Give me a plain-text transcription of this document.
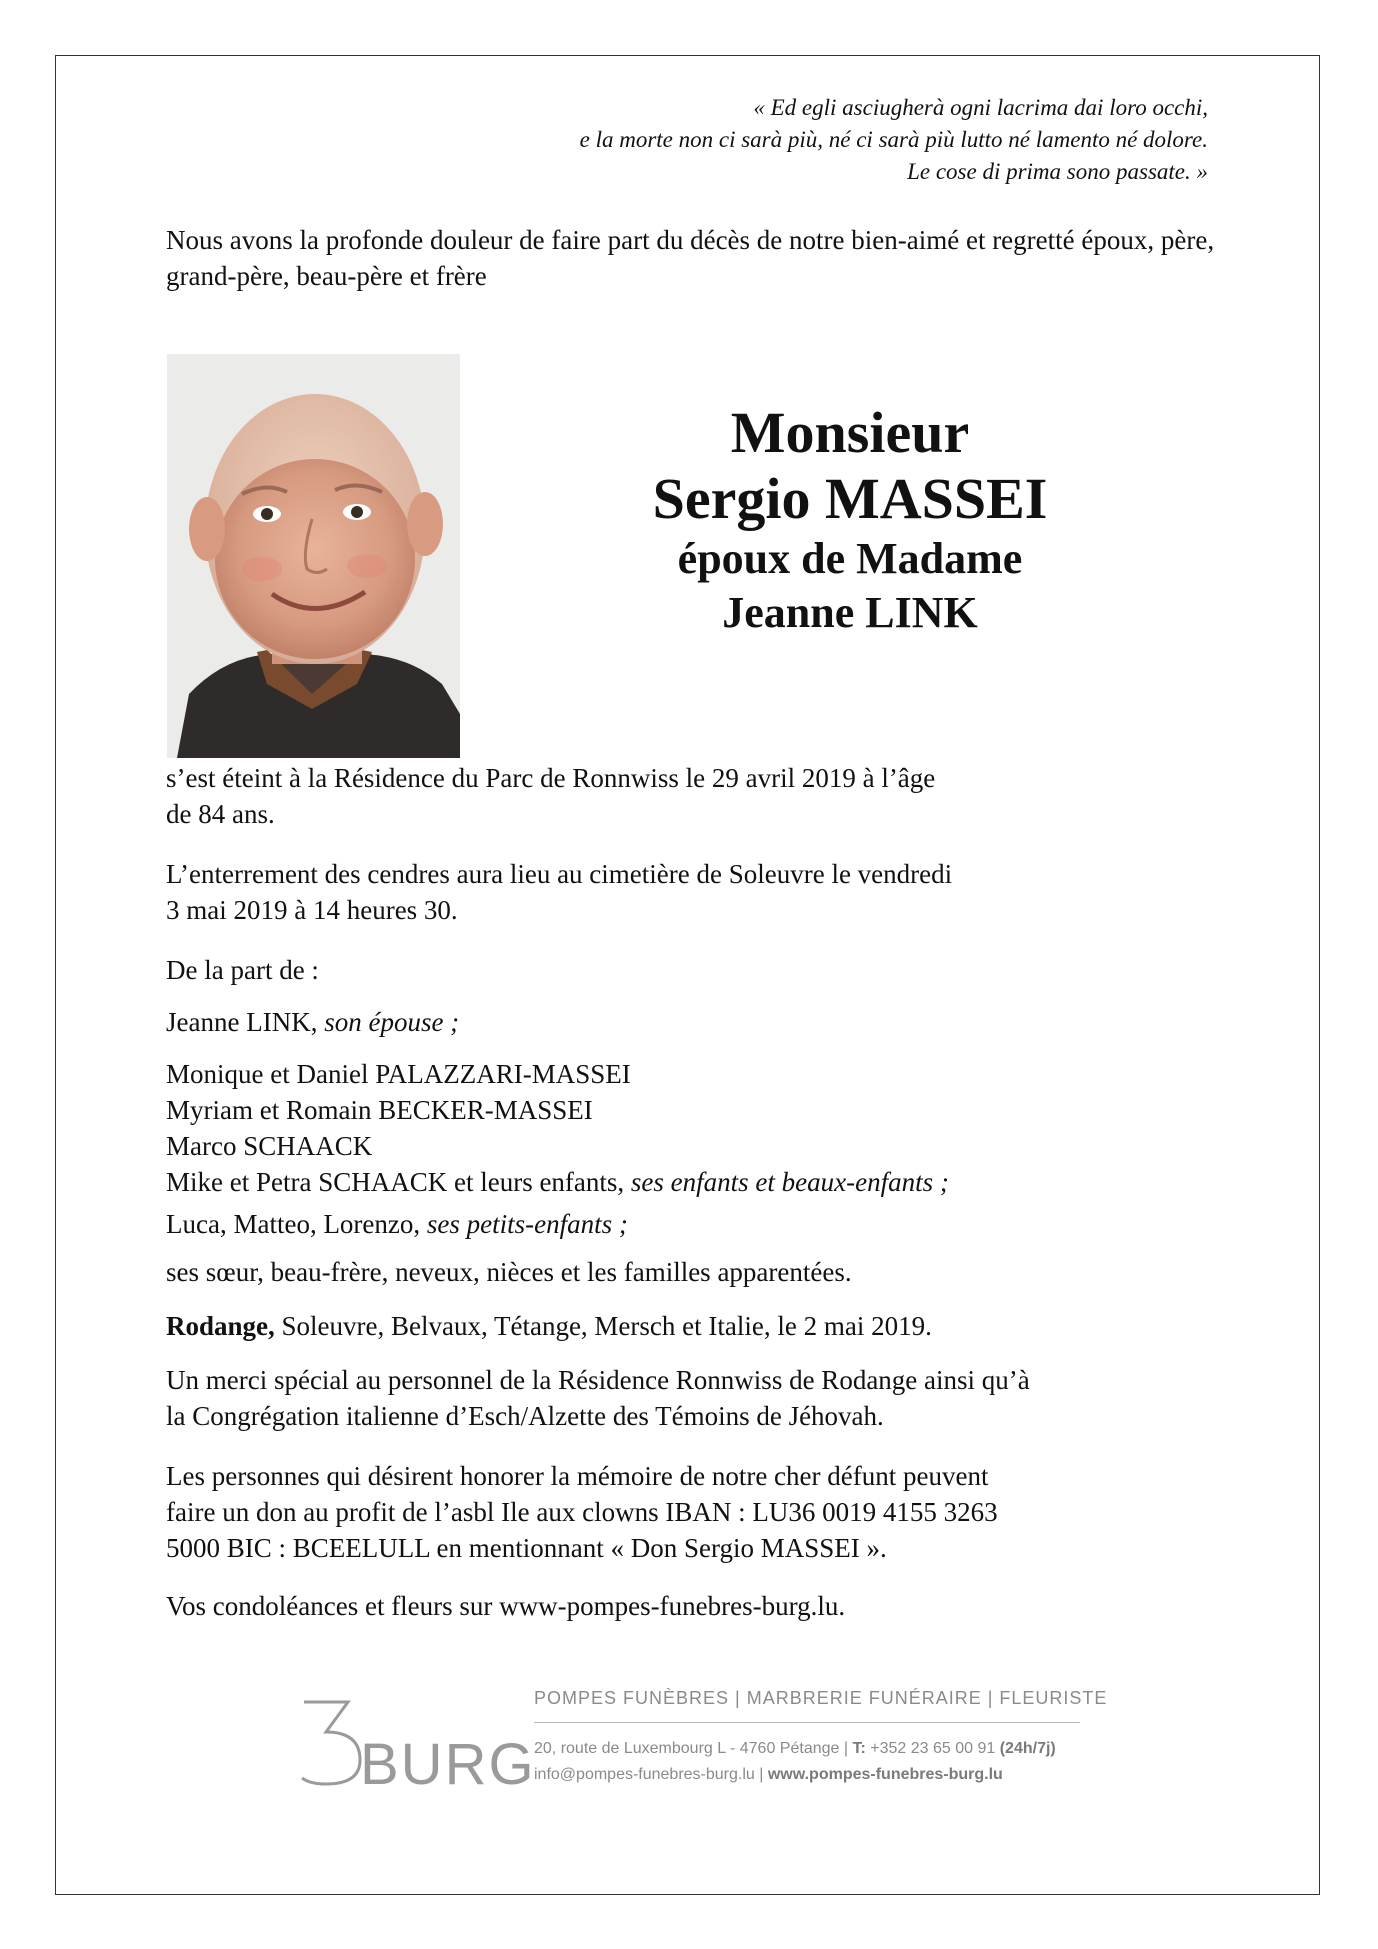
« Ed egli asciugherà ogni lacrima dai loro occhi,
e la morte non ci sarà più, né ci sarà più lutto né lamento né dolore.
Le cose di prima sono passate. »
Nous avons la profonde douleur de faire part du décès de notre bien-aimé et regretté époux, père, grand-père, beau-père et frère
Monsieur
Sergio MASSEI
époux de Madame
Jeanne LINK
s’est éteint à la Résidence du Parc de Ronnwiss le 29 avril 2019 à l’âge
de 84 ans.
L’enterrement des cendres aura lieu au cimetière de Soleuvre le vendredi
3 mai 2019 à 14 heures 30.
De la part de :
Jeanne LINK, son épouse ;
Monique et Daniel PALAZZARI-MASSEI
Myriam et Romain BECKER-MASSEI
Marco SCHAACK
Mike et Petra SCHAACK et leurs enfants, ses enfants et beaux-enfants ;
Luca, Matteo, Lorenzo, ses petits-enfants ;
ses sœur, beau-frère, neveux, nièces et les familles apparentées.
Rodange, Soleuvre, Belvaux, Tétange, Mersch et Italie, le 2 mai 2019.
Un merci spécial au personnel de la Résidence Ronnwiss de Rodange ainsi qu’à
la Congrégation italienne d’Esch/Alzette des Témoins de Jéhovah.
Les personnes qui désirent honorer la mémoire de notre cher défunt peuvent
faire un don au profit de l’asbl Ile aux clowns IBAN : LU36 0019 4155 3263
5000 BIC : BCEELULL en mentionnant « Don Sergio MASSEI ».
Vos condoléances et fleurs sur www-pompes-funebres-burg.lu.
BURG
POMPES FUNÈBRES | MARBRERIE FUNÉRAIRE | FLEURISTE
20, route de Luxembourg L - 4760 Pétange | T: +352 23 65 00 91 (24h/7j)
info@pompes-funebres-burg.lu | www.pompes-funebres-burg.lu
